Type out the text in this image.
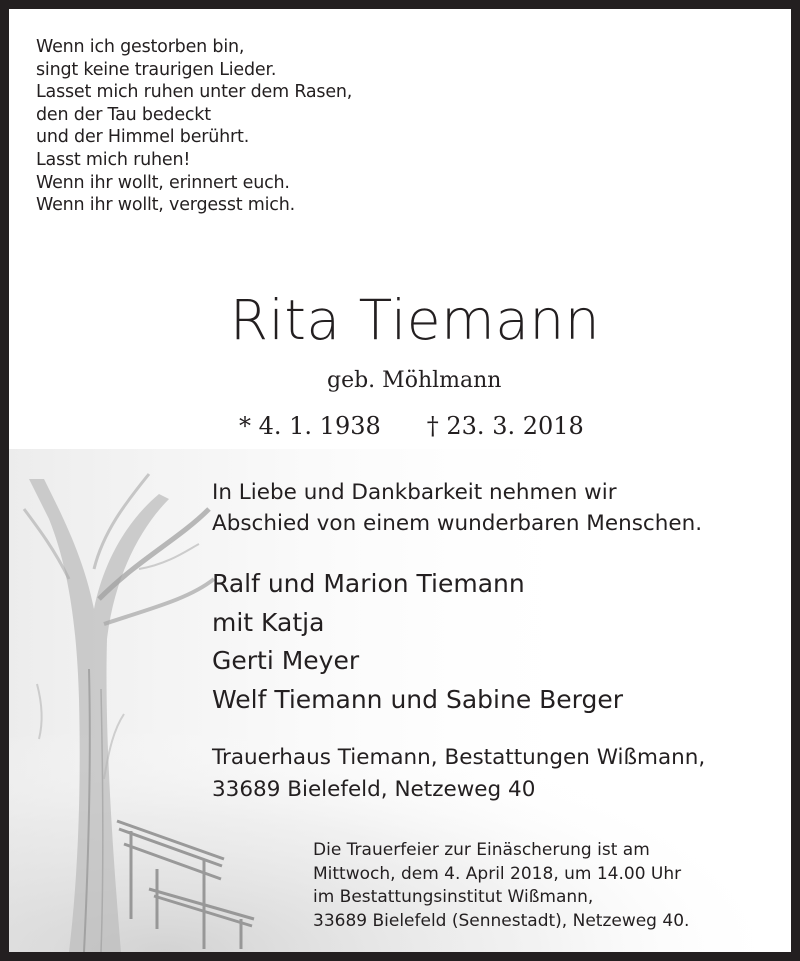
Wenn ich gestorben bin,
singt keine traurigen Lieder.
Lasset mich ruhen unter dem Rasen,
den der Tau bedeckt
und der Himmel berührt.
Lasst mich ruhen!
Wenn ihr wollt, erinnert euch.
Wenn ihr wollt, vergesst mich.
Rita Tiemann
geb. Möhlmann
* 4. 1. 1938 † 23. 3. 2018
In Liebe und Dankbarkeit nehmen wir
Abschied von einem wunderbaren Menschen.
Ralf und Marion Tiemann
mit Katja
Gerti Meyer
Welf Tiemann und Sabine Berger
Trauerhaus Tiemann, Bestattungen Wißmann,
33689 Bielefeld, Netzeweg 40
Die Trauerfeier zur Einäscherung ist am
Mittwoch, dem 4. April 2018, um 14.00 Uhr
im Bestattungsinstitut Wißmann,
33689 Bielefeld (Sennestadt), Netzeweg 40.
